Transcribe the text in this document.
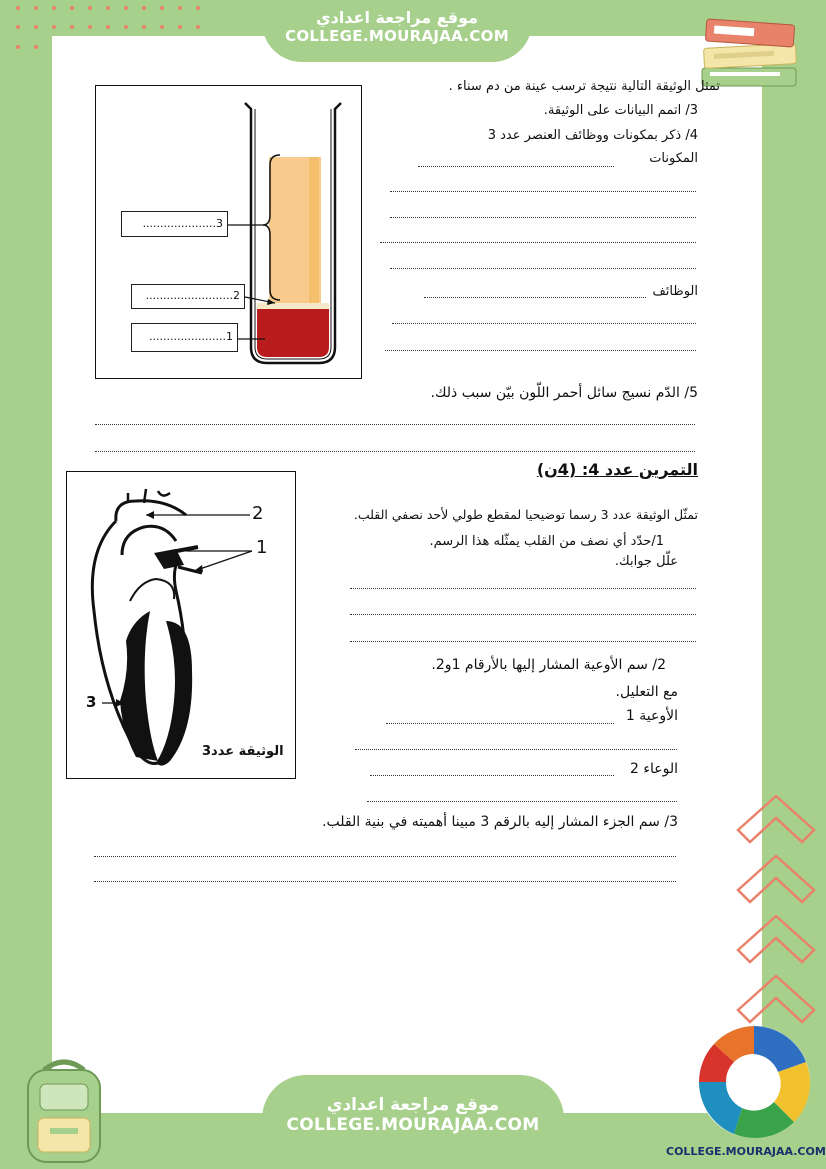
موقع مراجعة اعدادي
COLLEGE.MOURAJAA.COM
.....................3
.........................2
......................1
تمثل الوثيقة التالية نتيجة ترسب عينة من دم سناء .
3/ اتمم البيانات على الوثيقة.
4/ ذكر بمكونات ووظائف العنصر عدد 3
المكونات
الوظائف
5/ الدّم نسيج سائل أحمر اللّون بيّن سبب ذلك.
التمرين عدد 4: (4ن)
2
1
3
الوثيقة عدد3
تمثّل الوثيقة عدد 3 رسما توضيحيا لمقطع طولي لأحد نصفي القلب.
1/حدّد أي نصف من القلب يمثّله هذا الرسم.
علّل جوابك.
2/ سم الأوعية المشار إليها بالأرقام 1و2.
مع التعليل.
الأوعية 1
الوعاء 2
3/ سم الجزء المشار إليه بالرقم 3 مبينا أهميته في بنية القلب.
موقع مراجعة اعدادي
COLLEGE.MOURAJAA.COM
COLLEGE.MOURAJAA.COM
